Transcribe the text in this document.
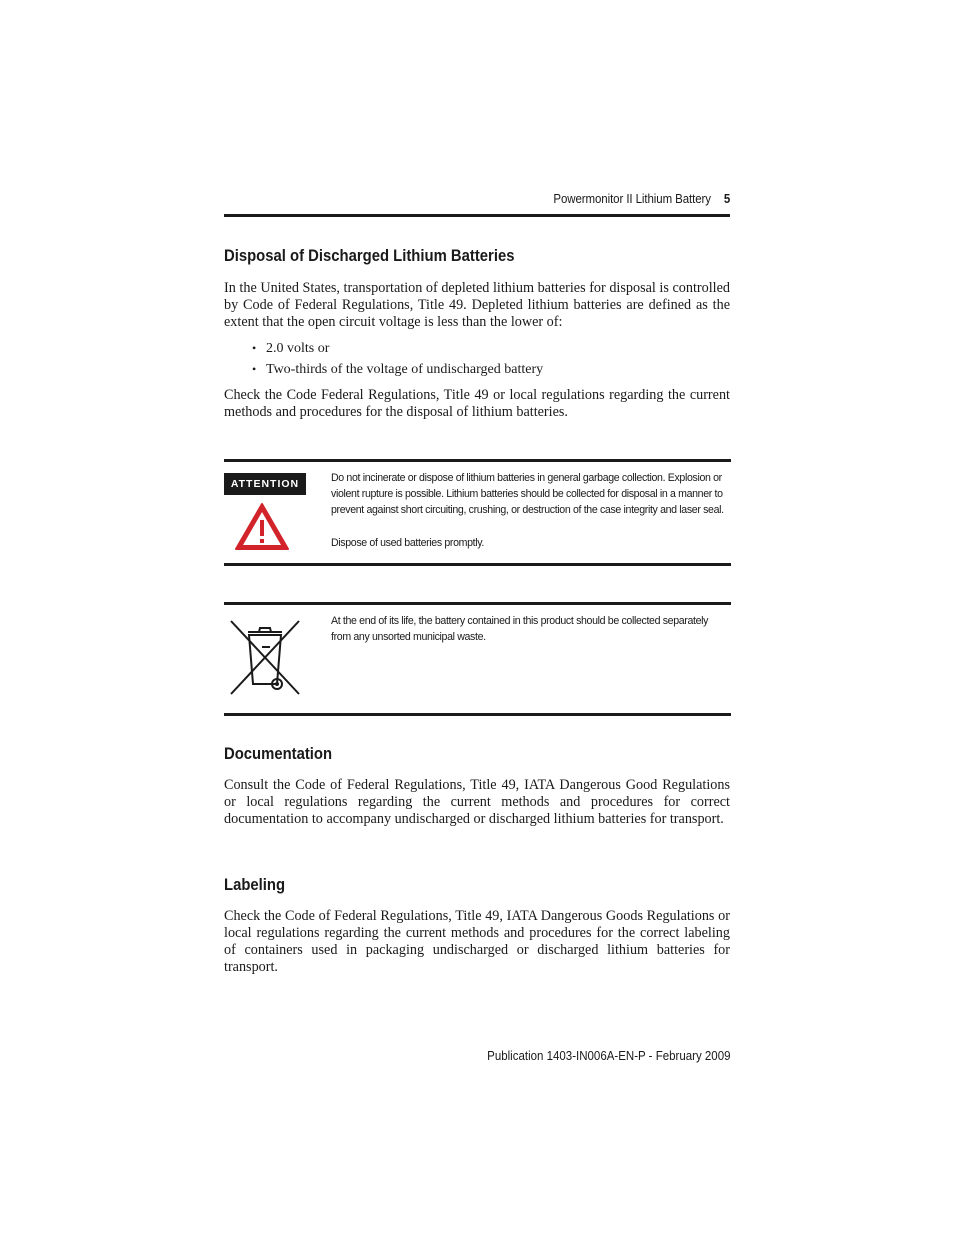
Powermonitor II Lithium Battery 5
Disposal of Discharged Lithium Batteries

In the United States, transportation of depleted lithium batteries for disposal is controlled by Code of Federal Regulations, Title 49. Depleted lithium batteries are defined as the extent that the open circuit voltage is less than the lower of:

• 2.0 volts or
• Two-thirds of the voltage of undischarged battery

Check the Code Federal Regulations, Title 49 or local regulations regarding the current methods and procedures for the disposal of lithium batteries.

ATTENTION	Do not incinerate or dispose of lithium batteries in general garbage collection. Explosion or violent rupture is possible. Lithium batteries should be collected for disposal in a manner to prevent against short circuiting, crushing, or destruction of the case integrity and laser seal.

Dispose of used batteries promptly.

At the end of its life, the battery contained in this product should be collected separately from any unsorted municipal waste.

Documentation

Consult the Code of Federal Regulations, Title 49, IATA Dangerous Good Regulations or local regulations regarding the current methods and procedures for correct documentation to accompany undischarged or discharged lithium batteries for transport.

Labeling

Check the Code of Federal Regulations, Title 49, IATA Dangerous Goods Regulations or local regulations regarding the current methods and procedures for the correct labeling of containers used in packaging undischarged or discharged lithium batteries for transport.

Publication 1403-IN006A-EN-P - February 2009
